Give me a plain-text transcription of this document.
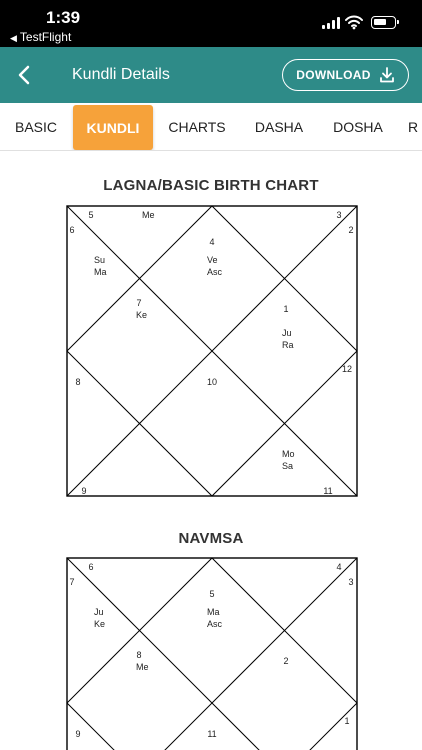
1:39
◀ TestFlight
Kundli Details	DOWNLOAD
BASIC	KUNDLI	CHARTS	DASHA	DOSHA	R
LAGNA/BASIC BIRTH CHART
4
5
6
7
8
9
10
11
12
1
2
3
Me
Su
Ma
Ve
Asc
Ke
Ju
Ra
Mo
Sa
NAVMSA
5
6
7
8
9	11
1
2
3
4
Ju
Ke
Ma
Asc
Me
